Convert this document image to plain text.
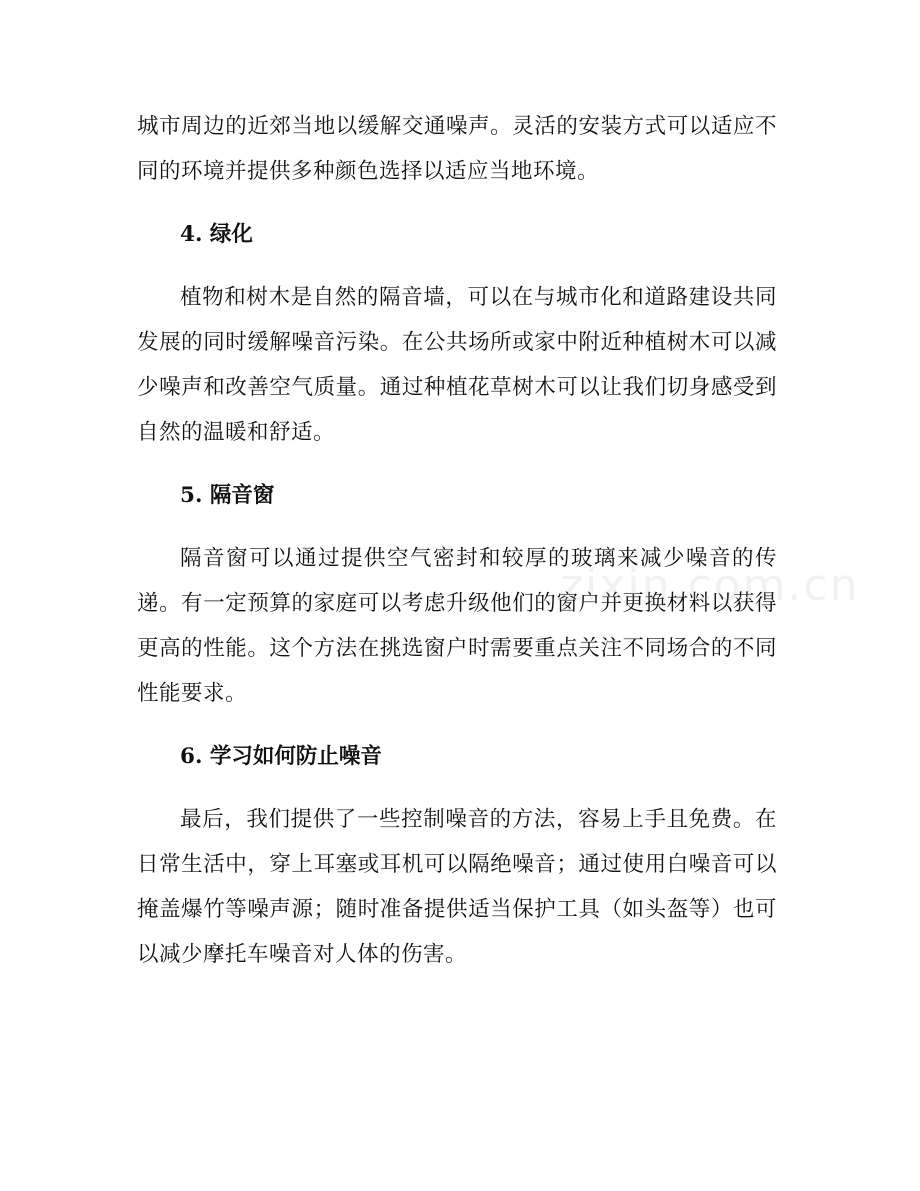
城市周边的近郊当地以缓解交通噪声。灵活的安装方式可以适应不同的环境并提供多种颜色选择以适应当地环境。

4. 绿化

植物和树木是自然的隔音墙，可以在与城市化和道路建设共同发展的同时缓解噪音污染。在公共场所或家中附近种植树木可以减少噪声和改善空气质量。通过种植花草树木可以让我们切身感受到自然的温暖和舒适。

5. 隔音窗

隔音窗可以通过提供空气密封和较厚的玻璃来减少噪音的传递。有一定预算的家庭可以考虑升级他们的窗户并更换材料以获得更高的性能。这个方法在挑选窗户时需要重点关注不同场合的不同性能要求。

6. 学习如何防止噪音

最后，我们提供了一些控制噪音的方法，容易上手且免费。在日常生活中，穿上耳塞或耳机可以隔绝噪音；通过使用白噪音可以掩盖爆竹等噪声源；随时准备提供适当保护工具（如头盔等）也可以减少摩托车噪音对人体的伤害。

zixin.com.cn
